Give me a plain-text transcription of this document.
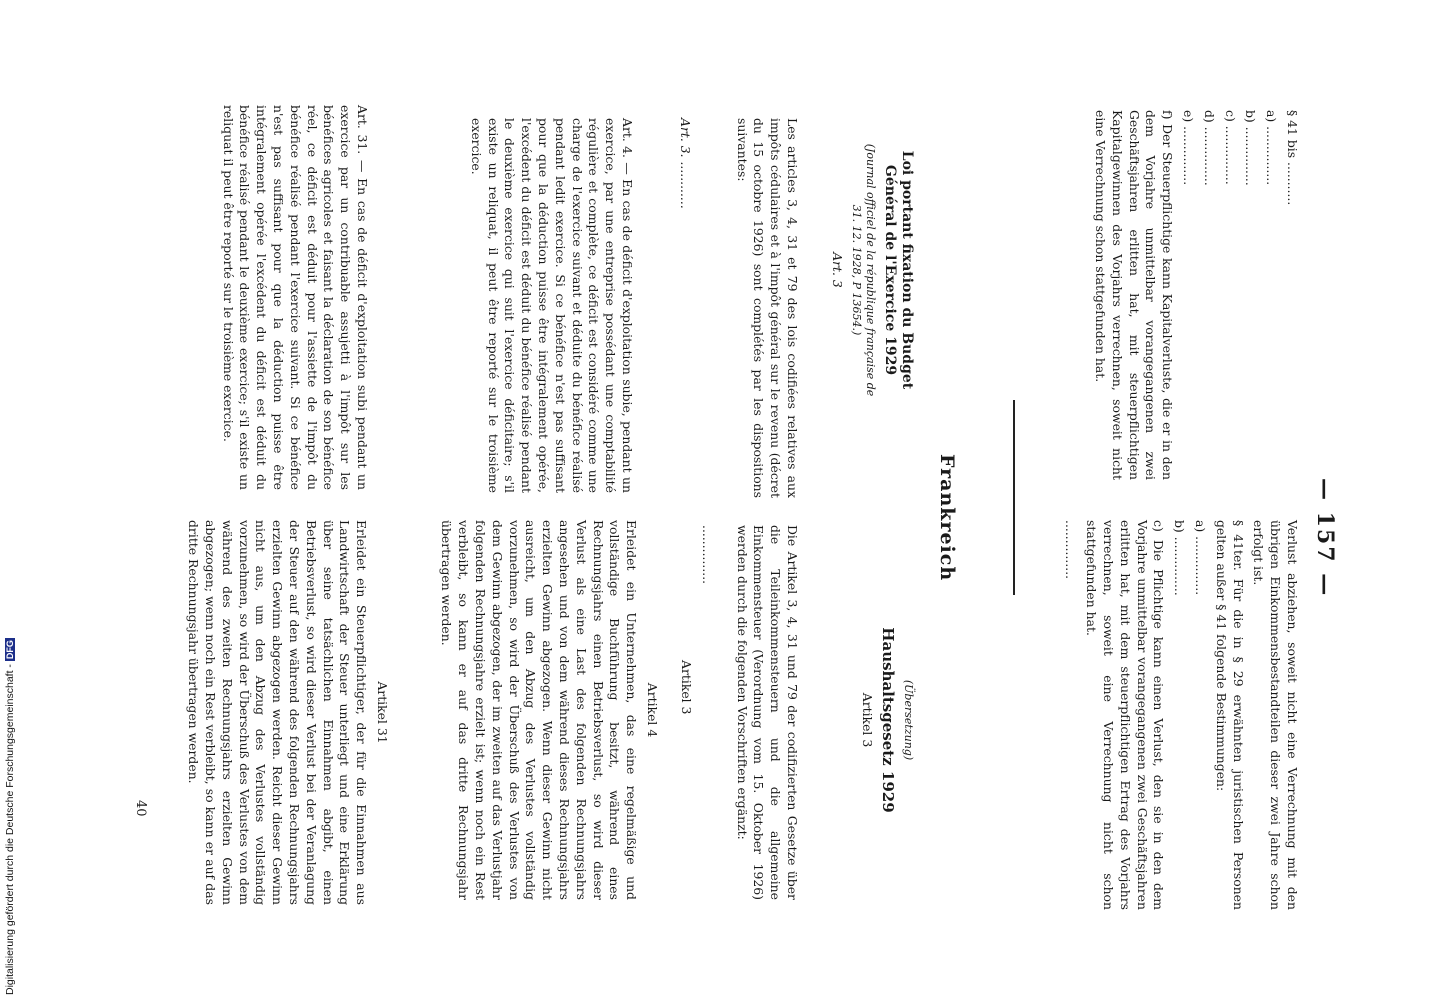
— 157 —
Frankreich

§ 41 bis ...........

a) ...............

b) ...............

c) ...............

d) ...............

e) ...............

f) Der Steuerpflichtige kann Kapitalverluste, die er in den dem Vorjahre unmittelbar vorangegangenen zwei Geschäftsjahren erlitten hat, mit steuerpflichtigen Kapitalgewinnen des Vorjahrs verrechnen, soweit nicht eine Verrechnung schon stattgefunden hat.

Loi portant fixation du Budget Général de l'Exercice 1929

(Journal officiel de la république française de 31. 12. 1928, P 13654.)

Art. 3

Les articles 3, 4, 31 et 79 des lois codifiées relatives aux impôts cédulaires et à l'impôt général sur le revenu (décret du 15 octobre 1926) sont complétés par les dispositions suivantes:

Art. 3. ............

Art. 4. — En cas de déficit d'exploitation subie, pendant un exercice, par une entreprise possédant une comptabilité régulière et complète, ce déficit est considéré comme une charge de l'exercice suivant et déduite du bénéfice réalisé pendant ledit exercice. Si ce bénéfice n'est pas suffisant pour que la déduction puisse être intégralement opérée, l'excédent du déficit est déduit du bénéfice réalisé pendant le deuxième exercice qui suit l'exercice déficitaire; s'il existe un reliquat, il peut être reporté sur le troisième exercice.

Art. 31. — En cas de déficit d'exploitation subi pendant un exercice par un contribuable assujetti à l'impôt sur les bénéfices agricoles et faisant la déclaration de son bénéfice réel, ce déficit est déduit pour l'assiette de l'impôt du bénéfice réalisé pendant l'exercice suivant. Si ce bénéfice n'est pas suffisant pour que la déduction puisse être intégralement opérée l'excédent du déficit est déduit du bénéfice réalisé pendant le deuxième exercice; s'il existe un reliquat il peut être reporté sur le troisième exercice.

Verlust abziehen, soweit nicht eine Verrechnung mit den übrigen Einkommensbestandteilen dieser zwei Jahre schon erfolgt ist.

§ 41ter. Für die in § 29 erwähnten juristischen Personen gelten außer § 41 folgende Bestimmungen:

a) ...............

b) ...............

c) Die Pflichtige kann einen Verlust, den sie in den dem Vorjahre unmittelbar vorangegangenen zwei Geschäftsjahren erlitten hat, mit dem steuerpflichtigen Ertrag des Vorjahrs verrechnen, soweit eine Verrechnung nicht schon stattgefunden hat.

...............

(Übersetzung)

Haushaltsgesetz 1929

Artikel 3

Die Artikel 3, 4, 31 und 79 der codifizierten Gesetze über die Teileinkommensteuern und die allgemeine Einkommensteuer (Verordnung vom 15. Oktober 1926) werden durch die folgenden Vorschriften ergänzt:

...............

Artikel 3

Artikel 4

Erleidet ein Unternehmen, das eine regelmäßige und vollständige Buchführung besitzt, während eines Rechnungsjahrs einen Betriebsverlust, so wird dieser Verlust als eine Last des folgenden Rechnungsjahrs angesehen und von dem während dieses Rechnungsjahrs erzielten Gewinn abgezogen. Wenn dieser Gewinn nicht ausreicht, um den Abzug des Verlustes vollständig vorzunehmen, so wird der Überschuß des Verlustes von dem Gewinn abgezogen, der im zweiten auf das Verlustjahr folgenden Rechnungsjahre erzielt ist; wenn noch ein Rest verbleibt, so kann er auf das dritte Rechnungsjahr übertragen werden.

Artikel 31

Erleidet ein Steuerpflichtiger, der für die Einnahmen aus Landwirtschaft der Steuer unterliegt und eine Erklärung über seine tatsächlichen Einnahmen abgibt, einen Betriebsverlust, so wird dieser Verlust bei der Veranlagung der Steuer auf den während des folgenden Rechnungsjahrs erzielten Gewinn abgezogen werden. Reicht dieser Gewinn nicht aus, um den Abzug des Verlustes vollständig vorzunehmen, so wird der Überschuß des Verlustes von dem während des zweiten Rechnungsjahrs erzielten Gewinn abgezogen; wenn noch ein Rest verbleibt, so kann er auf das dritte Rechnungsjahr übertragen werden.

40
Digitalisierung gefördert durch die Deutsche Forschungsgemeinschaft -DFG
